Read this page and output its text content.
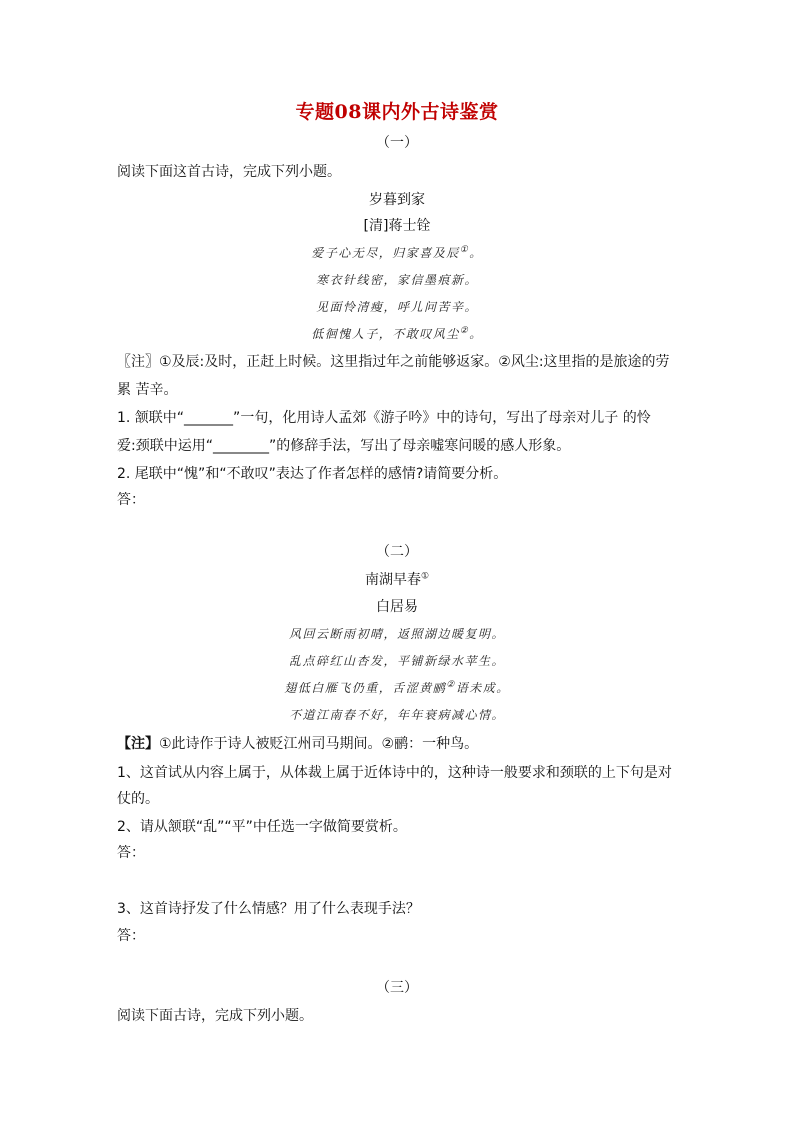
专题08课内外古诗鉴赏
（一）
阅读下面这首古诗，完成下列小题。
岁暮到家
[清]蒋士铨
爱子心无尽，归家喜及辰①。
寒衣针线密，家信墨痕新。
见面怜清瘦，呼儿问苦辛。
低徊愧人子，不敢叹风尘②。
〖注〗①及辰:及时，正赶上时候。这里指过年之前能够返家。②风尘:这里指的是旅途的劳
累 苦辛。
1. 颔联中“_______”一句，化用诗人孟郊《游子吟》中的诗句，写出了母亲对儿子 的怜
爱:颈联中运用“________”的修辞手法，写出了母亲嘘寒问暖的感人形象。
2. 尾联中“愧”和“不敢叹”表达了作者怎样的感情?请简要分析。
答：
（二）
南湖早春①
白居易
风回云断雨初晴，返照湖边暖复明。
乱点碎红山杏发，平铺新绿水苹生。
翅低白雁飞仍重，舌涩黄鹂②语未成。
不道江南春不好，年年衰病减心情。
【注】①此诗作于诗人被贬江州司马期间。②鹂：一种鸟。
1、这首试从内容上属于，从体裁上属于近体诗中的，这种诗一般要求和颈联的上下句是对
仗的。
2、请从颔联“乱”“平”中任选一字做简要赏析。
答：
3、这首诗抒发了什么情感？用了什么表现手法？
答：
（三）
阅读下面古诗，完成下列小题。
